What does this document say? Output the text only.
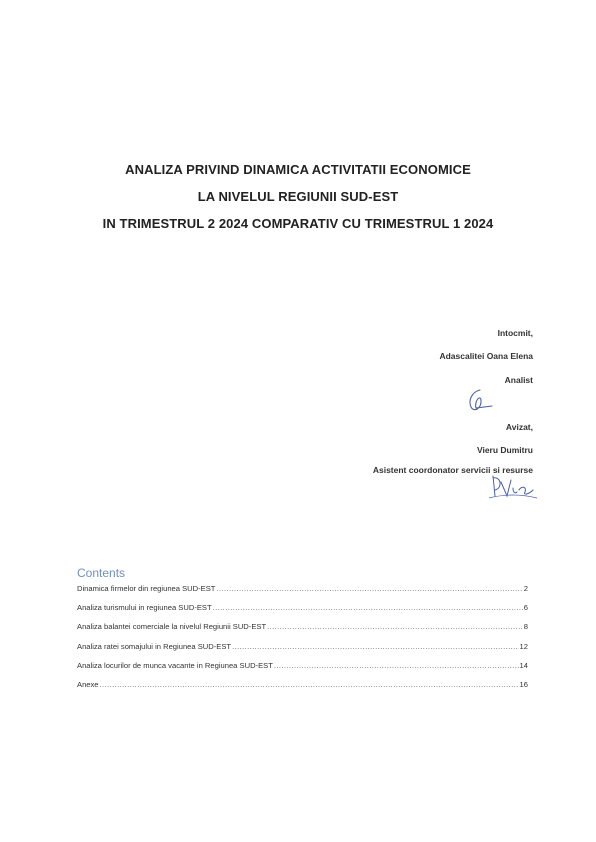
ANALIZA PRIVIND DINAMICA ACTIVITATII ECONOMICE

LA NIVELUL REGIUNII SUD-EST

IN TRIMESTRUL 2 2024 COMPARATIV CU TRIMESTRUL 1 2024

Intocmit,
Adascalitei Oana Elena
Analist
Avizat,
Vieru Dumitru
Asistent coordonator servicii si resurse

Contents

Dinamica firmelor din regiunea SUD-EST .....	2
Analiza turismului in regiunea SUD-EST .....	6
Analiza balantei comerciale la nivelul Regiunii SUD-EST .....	8
Analiza ratei somajului in Regiunea SUD-EST .....	12
Analiza locurilor de munca vacante in Regiunea SUD-EST .....	14
Anexe .....	16
